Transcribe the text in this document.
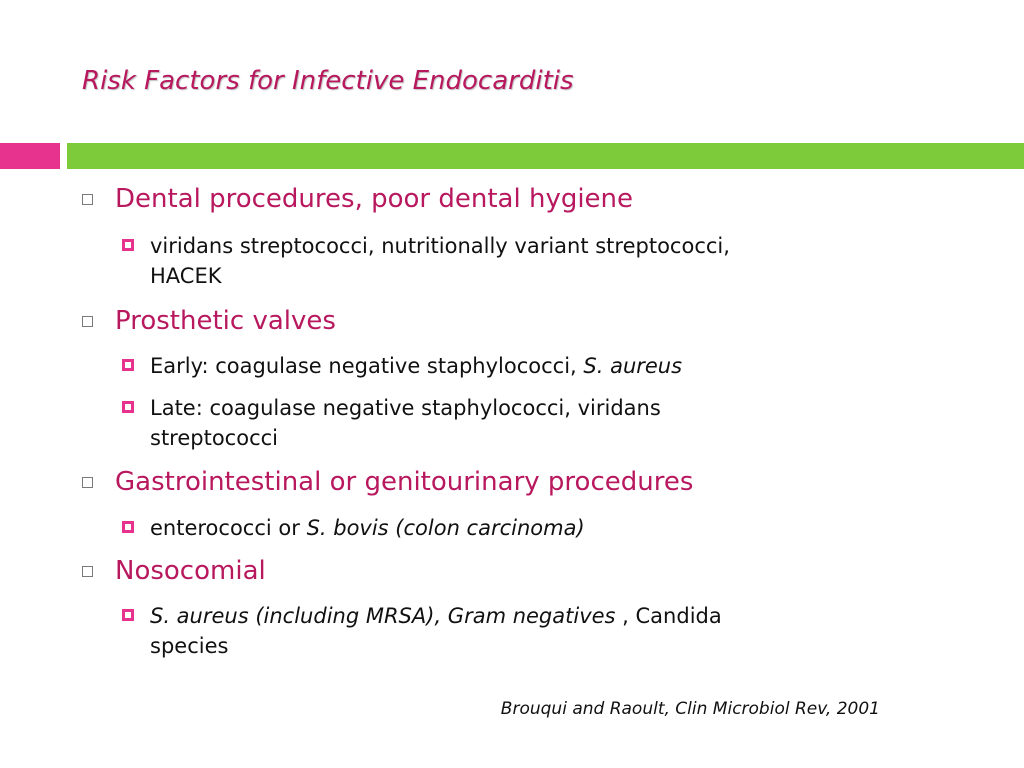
Risk Factors for Infective Endocarditis
Dental procedures, poor dental hygiene
viridans streptococci, nutritionally variant streptococci,
HACEK
Prosthetic valves
Early: coagulase negative staphylococci, S. aureus
Late: coagulase negative staphylococci, viridans
streptococci
Gastrointestinal or genitourinary procedures
enterococci or S. bovis (colon carcinoma)
Nosocomial
S. aureus (including MRSA), Gram negatives , Candida
species
Brouqui and Raoult, Clin Microbiol Rev, 2001
